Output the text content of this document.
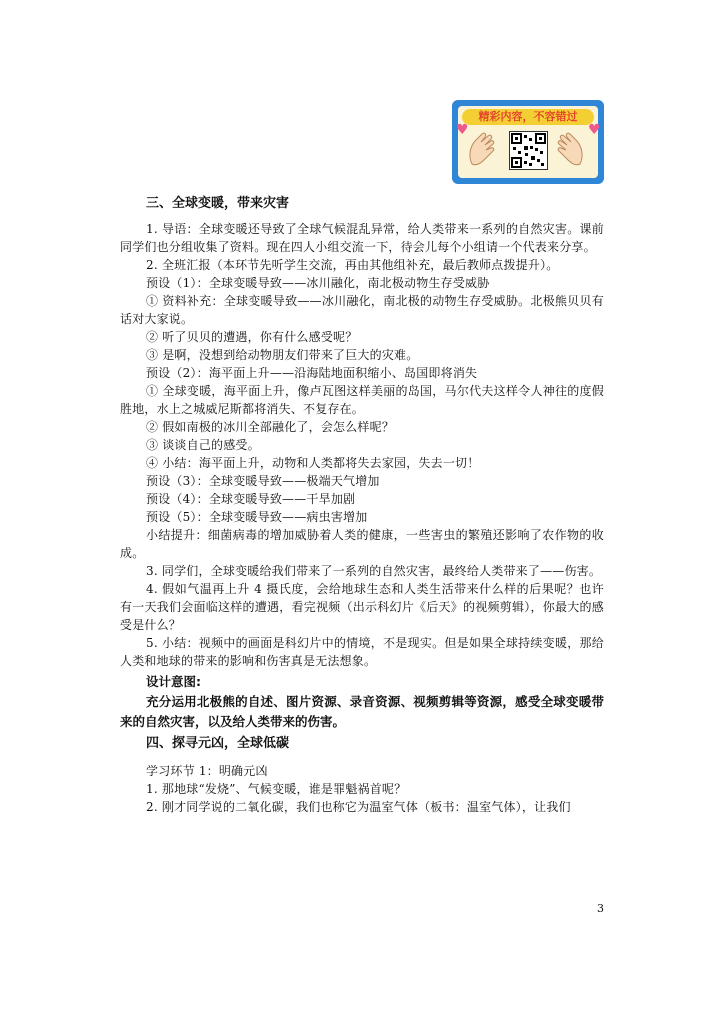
精彩内容，不容错过
♥	♥
三、全球变暖，带来灾害

1. 导语：全球变暖还导致了全球气候混乱异常，给人类带来一系列的自然灾害。课前同学们也分组收集了资料。现在四人小组交流一下，待会儿每个小组请一个代表来分享。

2. 全班汇报（本环节先听学生交流，再由其他组补充，最后教师点拨提升）。

预设（1）：全球变暖导致——冰川融化，南北极动物生存受威胁

① 资料补充：全球变暖导致——冰川融化，南北极的动物生存受威胁。北极熊贝贝有话对大家说。

② 听了贝贝的遭遇，你有什么感受呢？

③ 是啊，没想到给动物朋友们带来了巨大的灾难。

预设（2）：海平面上升——沿海陆地面积缩小、岛国即将消失

① 全球变暖，海平面上升，像卢瓦图这样美丽的岛国，马尔代夫这样令人神往的度假胜地，水上之城威尼斯都将消失、不复存在。

② 假如南极的冰川全部融化了，会怎么样呢？

③ 谈谈自己的感受。

④ 小结：海平面上升，动物和人类都将失去家园，失去一切！

预设（3）：全球变暖导致——极端天气增加

预设（4）：全球变暖导致——干旱加剧

预设（5）：全球变暖导致——病虫害增加

小结提升：细菌病毒的增加威胁着人类的健康，一些害虫的繁殖还影响了农作物的收成。

3. 同学们，全球变暖给我们带来了一系列的自然灾害，最终给人类带来了——伤害。

4. 假如气温再上升 4 摄氏度，会给地球生态和人类生活带来什么样的后果呢？也许有一天我们会面临这样的遭遇，看完视频（出示科幻片《后天》的视频剪辑），你最大的感受是什么？

5. 小结：视频中的画面是科幻片中的情境，不是现实。但是如果全球持续变暖，那给人类和地球的带来的影响和伤害真是无法想象。

设计意图:

充分运用北极熊的自述、图片资源、录音资源、视频剪辑等资源，感受全球变暖带来的自然灾害，以及给人类带来的伤害。

四、探寻元凶，全球低碳

学习环节 1：明确元凶

1. 那地球“发烧”、气候变暖，谁是罪魁祸首呢？

2. 刚才同学说的二氧化碳，我们也称它为温室气体（板书：温室气体），让我们

3
